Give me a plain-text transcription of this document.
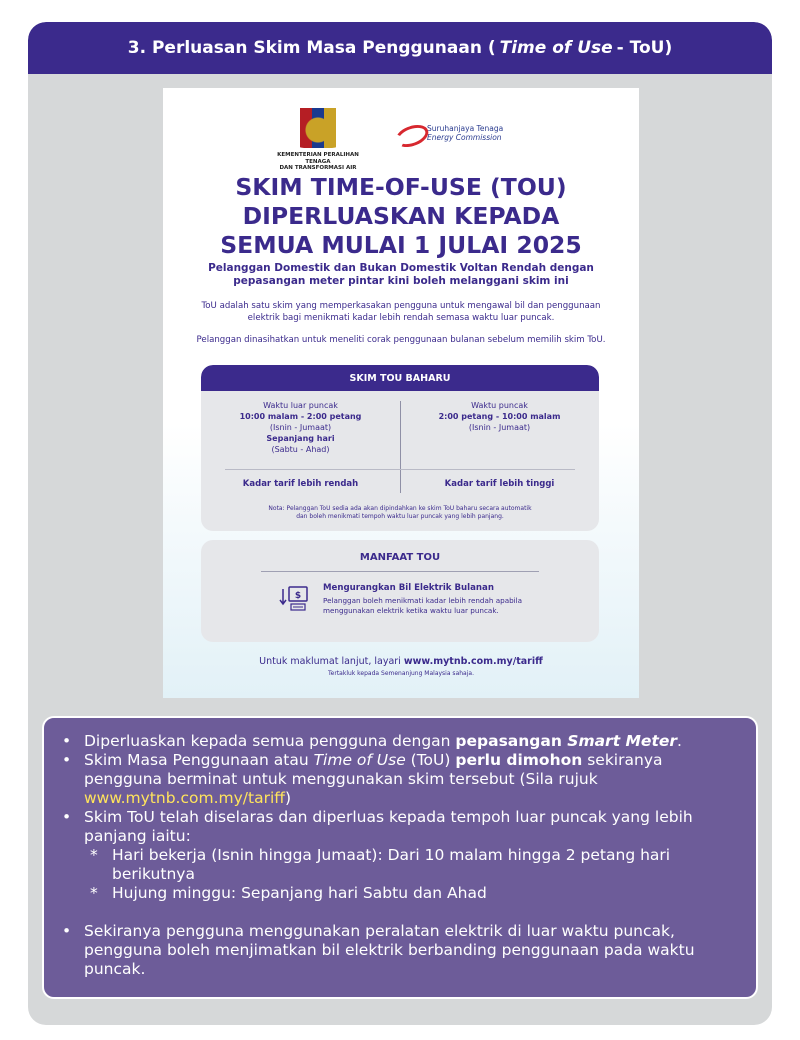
3. Perluasan Skim Masa Penggunaan ( Time of Use - ToU)
KEMENTERIAN PERALIHAN TENAGA
DAN TRANSFORMASI AIR
Suruhanjaya Tenaga
Energy Commission
SKIM TIME-OF-USE (TOU)
DIPERLUASKAN KEPADA
SEMUA MULAI 1 JULAI 2025
Pelanggan Domestik dan Bukan Domestik Voltan Rendah dengan
pepasangan meter pintar kini boleh melanggani skim ini
ToU adalah satu skim yang memperkasakan pengguna untuk mengawal bil dan penggunaan
elektrik bagi menikmati kadar lebih rendah semasa waktu luar puncak.
Pelanggan dinasihatkan untuk meneliti corak penggunaan bulanan sebelum memilih skim ToU.
SKIM TOU BAHARU
Waktu luar puncak
10:00 malam - 2:00 petang
(Isnin - Jumaat)
Sepanjang hari
(Sabtu - Ahad)
Waktu puncak
2:00 petang - 10:00 malam
(Isnin - Jumaat)
Kadar tarif lebih rendah	Kadar tarif lebih tinggi
Nota: Pelanggan ToU sedia ada akan dipindahkan ke skim ToU baharu secara automatik
dan boleh menikmati tempoh waktu luar puncak yang lebih panjang.
MANFAAT TOU
$
Mengurangkan Bil Elektrik Bulanan
Pelanggan boleh menikmati kadar lebih rendah apabila
menggunakan elektrik ketika waktu luar puncak.
Untuk maklumat lanjut, layari www.mytnb.com.my/tariff
Tertakluk kepada Semenanjung Malaysia sahaja.
• Diperluaskan kepada semua pengguna dengan pepasangan Smart Meter.
• Skim Masa Penggunaan atau Time of Use (ToU) perlu dimohon sekiranya pengguna berminat untuk menggunakan skim tersebut (Sila rujuk www.mytnb.com.my/tariff)
• Skim ToU telah diselaras dan diperluas kepada tempoh luar puncak yang lebih panjang iaitu:
* Hari bekerja (Isnin hingga Jumaat): Dari 10 malam hingga 2 petang hari berikutnya
* Hujung minggu: Sepanjang hari Sabtu dan Ahad
• Sekiranya pengguna menggunakan peralatan elektrik di luar waktu puncak, pengguna boleh menjimatkan bil elektrik berbanding penggunaan pada waktu puncak.
